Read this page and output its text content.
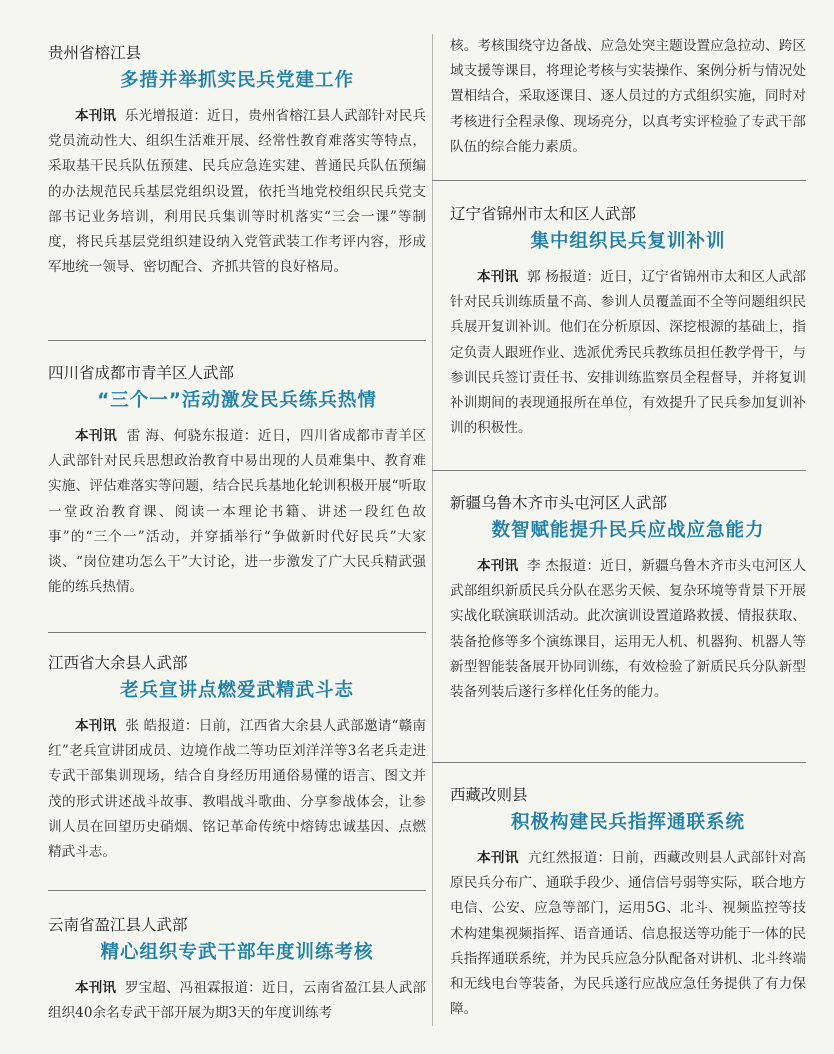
贵州省榕江县

多措并举抓实民兵党建工作

本刊讯 乐光增报道：近日，贵州省榕江县人武部针对民兵党员流动性大、组织生活难开展、经常性教育难落实等特点，采取基干民兵队伍预建、民兵应急连实建、普通民兵队伍预编的办法规范民兵基层党组织设置，依托当地党校组织民兵党支部书记业务培训，利用民兵集训等时机落实“三会一课”等制度，将民兵基层党组织建设纳入党管武装工作考评内容，形成军地统一领导、密切配合、齐抓共管的良好格局。

四川省成都市青羊区人武部

“三个一”活动激发民兵练兵热情

本刊讯 雷 海、何骁东报道：近日，四川省成都市青羊区人武部针对民兵思想政治教育中易出现的人员难集中、教育难实施、评估难落实等问题，结合民兵基地化轮训积极开展“听取一堂政治教育课、阅读一本理论书籍、讲述一段红色故事”的“三个一”活动，并穿插举行“争做新时代好民兵”大家谈、“岗位建功怎么干”大讨论，进一步激发了广大民兵精武强能的练兵热情。

江西省大余县人武部

老兵宣讲点燃爱武精武斗志

本刊讯 张 皓报道：日前，江西省大余县人武部邀请“赣南红”老兵宣讲团成员、边境作战二等功臣刘洋洋等3名老兵走进专武干部集训现场，结合自身经历用通俗易懂的语言、图文并茂的形式讲述战斗故事、教唱战斗歌曲、分享参战体会，让参训人员在回望历史硝烟、铭记革命传统中熔铸忠诚基因、点燃精武斗志。

云南省盈江县人武部

精心组织专武干部年度训练考核

本刊讯 罗宝超、冯祖霖报道：近日，云南省盈江县人武部组织40余名专武干部开展为期3天的年度训练考

核。考核围绕守边备战、应急处突主题设置应急拉动、跨区域支援等课目，将理论考核与实装操作、案例分析与情况处置相结合，采取逐课目、逐人员过的方式组织实施，同时对考核进行全程录像、现场亮分，以真考实评检验了专武干部队伍的综合能力素质。

辽宁省锦州市太和区人武部

集中组织民兵复训补训

本刊讯 郭 杨报道：近日，辽宁省锦州市太和区人武部针对民兵训练质量不高、参训人员覆盖面不全等问题组织民兵展开复训补训。他们在分析原因、深挖根源的基础上，指定负责人跟班作业、选派优秀民兵教练员担任教学骨干，与参训民兵签订责任书、安排训练监察员全程督导，并将复训补训期间的表现通报所在单位，有效提升了民兵参加复训补训的积极性。

新疆乌鲁木齐市头屯河区人武部

数智赋能提升民兵应战应急能力

本刊讯 李 杰报道：近日，新疆乌鲁木齐市头屯河区人武部组织新质民兵分队在恶劣天候、复杂环境等背景下开展实战化联演联训活动。此次演训设置道路救援、情报获取、装备抢修等多个演练课目，运用无人机、机器狗、机器人等新型智能装备展开协同训练，有效检验了新质民兵分队新型装备列装后遂行多样化任务的能力。

西藏改则县

积极构建民兵指挥通联系统

本刊讯 亢红然报道：日前，西藏改则县人武部针对高原民兵分布广、通联手段少、通信信号弱等实际，联合地方电信、公安、应急等部门，运用5G、北斗、视频监控等技术构建集视频指挥、语音通话、信息报送等功能于一体的民兵指挥通联系统，并为民兵应急分队配备对讲机、北斗终端和无线电台等装备，为民兵遂行应战应急任务提供了有力保障。
